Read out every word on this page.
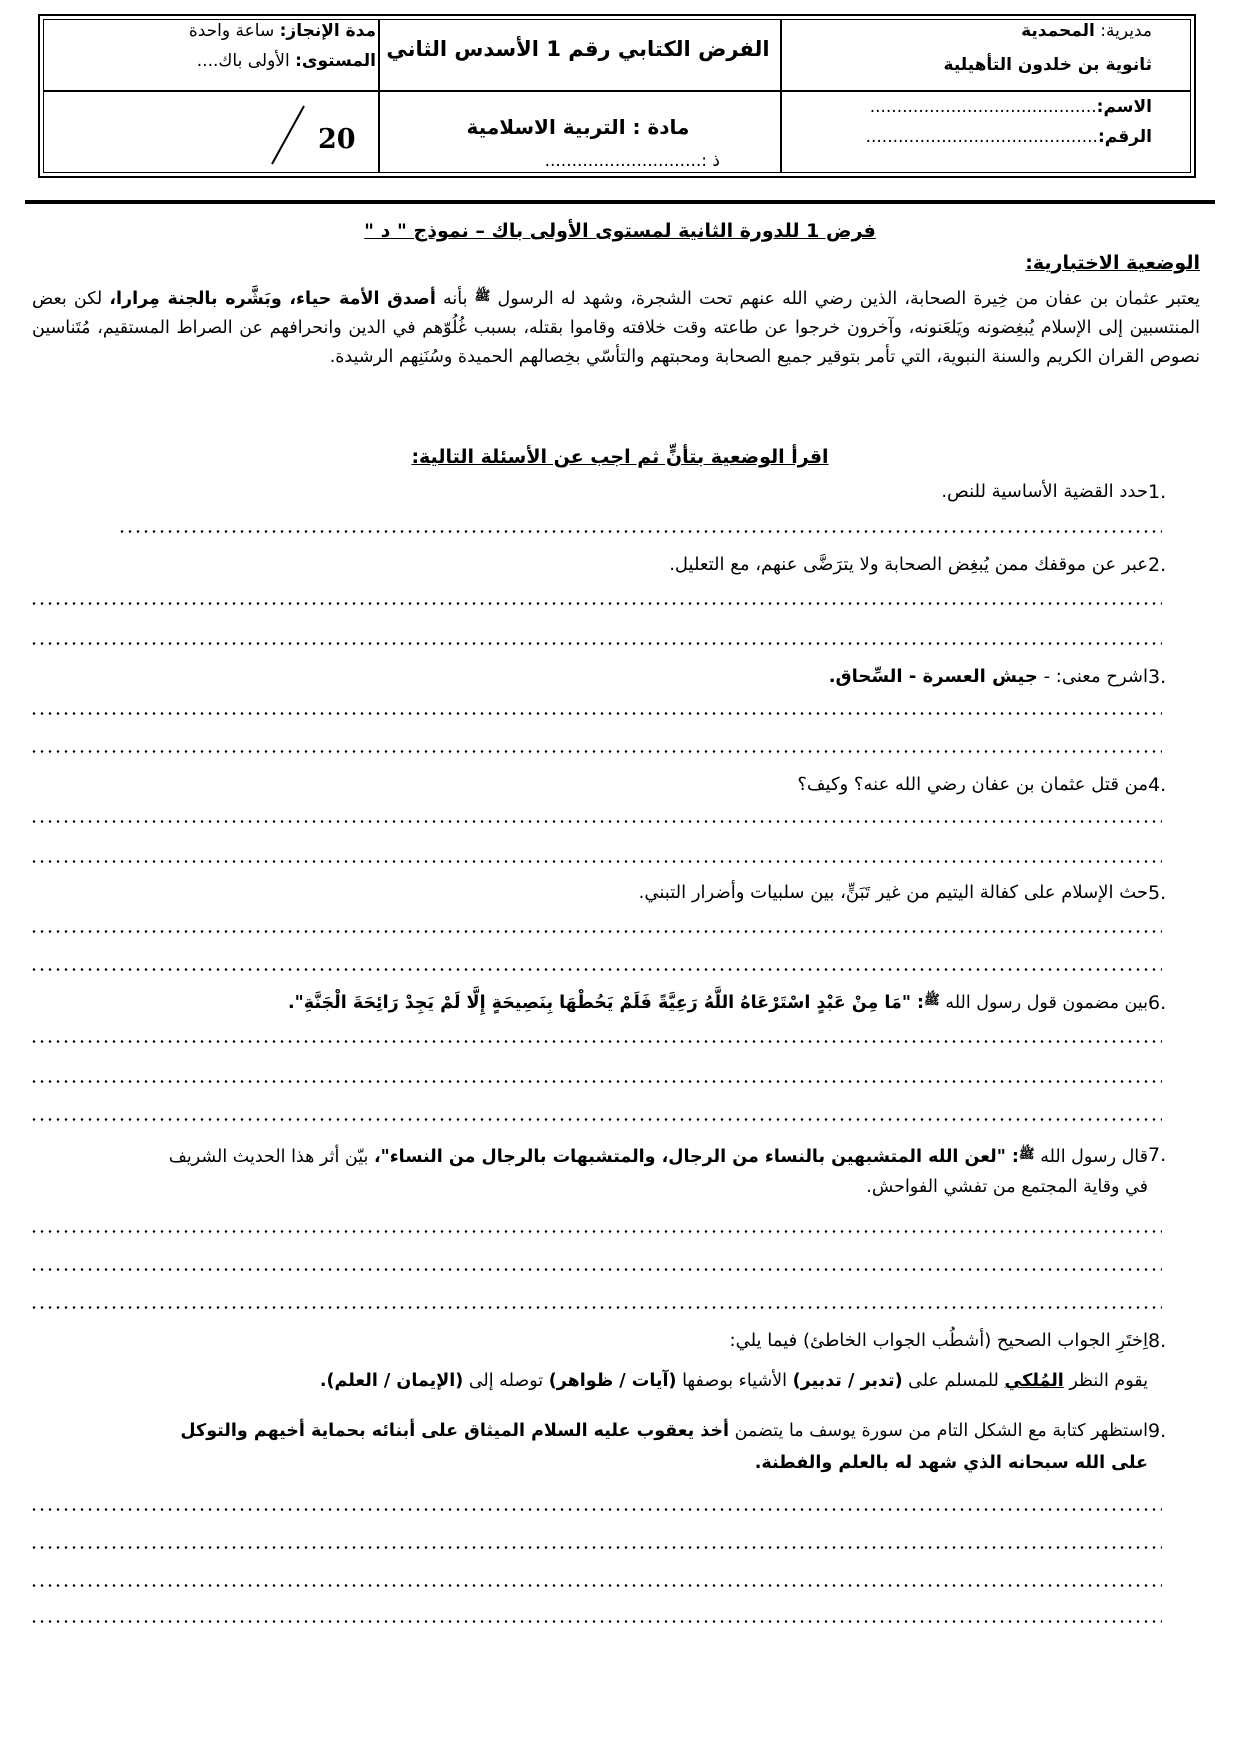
مديرية: المحمدية
ثانوية بن خلدون التأهيلية
الفرض الكتابي رقم 1 الأسدس الثاني
مدة الإنجاز: ساعة واحدة
المستوى: الأولى باك....
الاسم:..........................................
الرقم:...........................................
مادة : التربية الاسلامية
ذ :.............................
20
فرض 1 للدورة الثانية لمستوى الأولى باك – نموذج " د "
الوضعية الاختبارية:
يعتبر عثمان بن عفان من خِيرة الصحابة، الذين رضي الله عنهم تحت الشجرة، وشهد له الرسول $^ﷺ$ بأنه أصدق الأمة حياء، وبَشَّره بالجنة مِرارا، لكن بعض المنتسبين إلى الإسلام يُبغِضونه ويَلعَنونه، وآخرون خرجوا عن طاعته وقت خلافته وقاموا بقتله، بسبب غُلُوّهم في الدين وانحرافهم عن الصراط المستقيم، مُتَناسين نصوص القران الكريم والسنة النبوية، التي تأمر بتوقير جميع الصحابة ومحبتهم والتأسّي بخِصالهم الحميدة وسُنَنِهم الرشيدة.
اقرأ الوضعية بتأنٍّ ثم اجب عن الأسئلة التالية:
1.
حدد القضية الأساسية للنص.
2.
عبر عن موقفك ممن يُبغِض الصحابة ولا يترَضَّى عنهم، مع التعليل.
3.
اشرح معنى: - جيش العسرة - السِّحاق.
4.
من قتل عثمان بن عفان رضي الله عنه؟ وكيف؟
5.
حث الإسلام على كفالة اليتيم من غير تَبَنٍّ، بين سلبيات وأضرار التبني.
6.
بين مضمون قول رسول الله $^ﷺ$: "مَا مِنْ عَبْدٍ اسْتَرْعَاهُ اللَّهُ رَعِيَّةً فَلَمْ يَحُطْهَا بِنَصِيحَةٍ إِلَّا لَمْ يَجِدْ رَائِحَةَ الْجَنَّةِ".
7.
قال رسول الله $^ﷺ$: "لعن الله المتشبهين بالنساء من الرجال، والمتشبهات بالرجال من النساء"، بيّن أثر هذا الحديث الشريف
في وقاية المجتمع من تفشي الفواحش.
8.
اِختَرِ الجواب الصحيح (أشطُب الجواب الخاطئ) فيما يلي:
يقوم النظر المُلكي للمسلم على (تدبر / تدبير) الأشياء بوصفها (آيات / ظواهر) توصله إلى (الإيمان / العلم).
9.
استظهر كتابة مع الشكل التام من سورة يوسف ما يتضمن أخذ يعقوب عليه السلام الميثاق على أبنائه بحماية أخيهم والتوكل
على الله سبحانه الذي شهد له بالعلم والفطنة.
